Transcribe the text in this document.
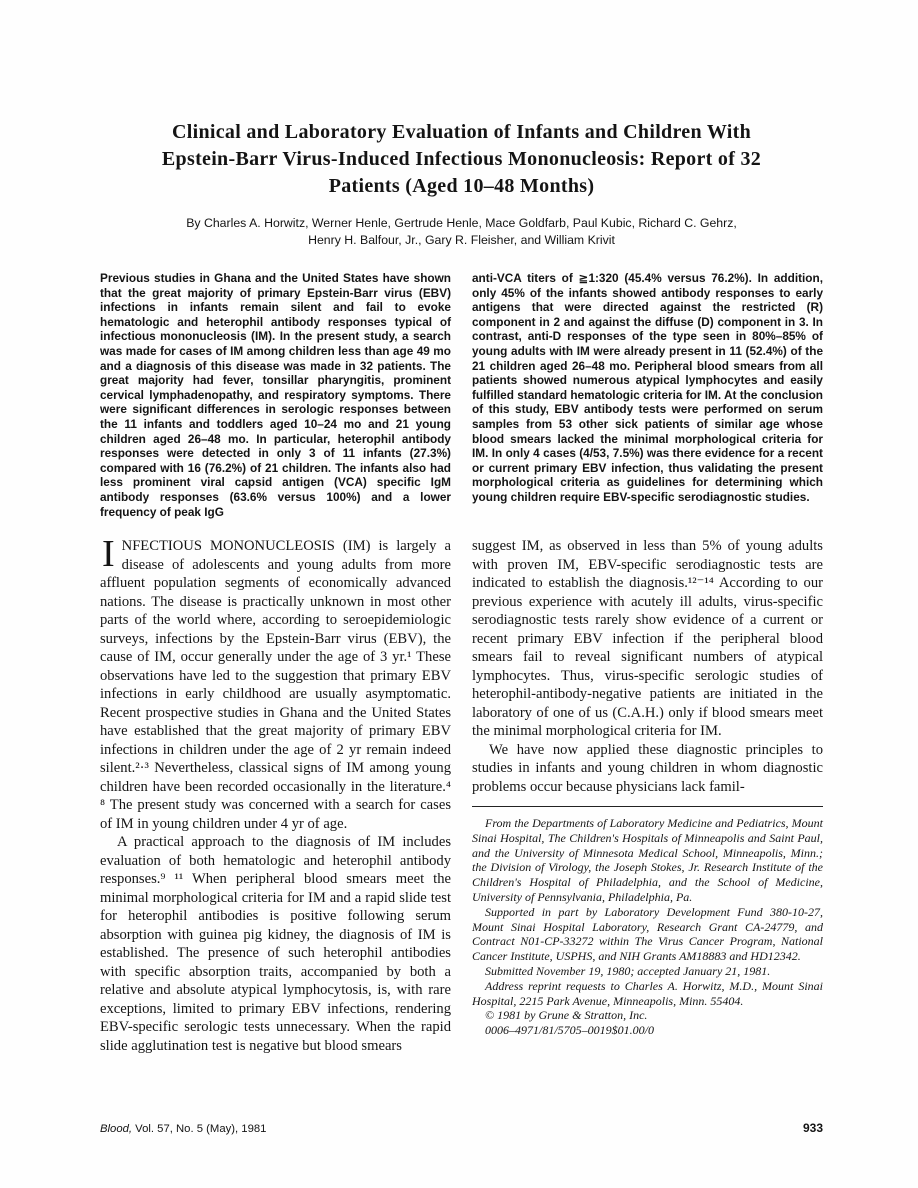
Clinical and Laboratory Evaluation of Infants and Children With
Epstein-Barr Virus-Induced Infectious Mononucleosis: Report of 32
Patients (Aged 10–48 Months)
By Charles A. Horwitz, Werner Henle, Gertrude Henle, Mace Goldfarb, Paul Kubic, Richard C. Gehrz,
Henry H. Balfour, Jr., Gary R. Fleisher, and William Krivit
Previous studies in Ghana and the United States have shown that the great majority of primary Epstein-Barr virus (EBV) infections in infants remain silent and fail to evoke hematologic and heterophil antibody responses typical of infectious mononucleosis (IM). In the present study, a search was made for cases of IM among children less than age 49 mo and a diagnosis of this disease was made in 32 patients. The great majority had fever, tonsillar pharyngitis, prominent cervical lymphadenopathy, and respiratory symptoms. There were significant differences in serologic responses between the 11 infants and toddlers aged 10–24 mo and 21 young children aged 26–48 mo. In particular, heterophil antibody responses were detected in only 3 of 11 infants (27.3%) compared with 16 (76.2%) of 21 children. The infants also had less prominent viral capsid antigen (VCA) specific IgM antibody responses (63.6% versus 100%) and a lower frequency of peak IgG
anti-VCA titers of ≧1:320 (45.4% versus 76.2%). In addition, only 45% of the infants showed antibody responses to early antigens that were directed against the restricted (R) component in 2 and against the diffuse (D) component in 3. In contrast, anti-D responses of the type seen in 80%–85% of young adults with IM were already present in 11 (52.4%) of the 21 children aged 26–48 mo. Peripheral blood smears from all patients showed numerous atypical lymphocytes and easily fulfilled standard hematologic criteria for IM. At the conclusion of this study, EBV antibody tests were performed on serum samples from 53 other sick patients of similar age whose blood smears lacked the minimal morphological criteria for IM. In only 4 cases (4/53, 7.5%) was there evidence for a recent or current primary EBV infection, thus validating the present morphological criteria as guidelines for determining which young children require EBV-specific serodiagnostic studies.

INFECTIOUS MONONUCLEOSIS (IM) is largely a disease of adolescents and young adults from more affluent population segments of economically advanced nations. The disease is practically unknown in most other parts of the world where, according to seroepidemiologic surveys, infections by the Epstein-Barr virus (EBV), the cause of IM, occur generally under the age of 3 yr.¹ These observations have led to the suggestion that primary EBV infections in early childhood are usually asymptomatic. Recent prospective studies in Ghana and the United States have established that the great majority of primary EBV infections in children under the age of 2 yr remain indeed silent.²·³ Nevertheless, classical signs of IM among young children have been recorded occasionally in the literature.⁴ ⁸ The present study was concerned with a search for cases of IM in young children under 4 yr of age.

A practical approach to the diagnosis of IM includes evaluation of both hematologic and heterophil antibody responses.⁹ ¹¹ When peripheral blood smears meet the minimal morphological criteria for IM and a rapid slide test for heterophil antibodies is positive following serum absorption with guinea pig kidney, the diagnosis of IM is established. The presence of such heterophil antibodies with specific absorption traits, accompanied by both a relative and absolute atypical lymphocytosis, is, with rare exceptions, limited to primary EBV infections, rendering EBV-specific serologic tests unnecessary. When the rapid slide agglutination test is negative but blood smears

suggest IM, as observed in less than 5% of young adults with proven IM, EBV-specific serodiagnostic tests are indicated to establish the diagnosis.¹²⁻¹⁴ According to our previous experience with acutely ill adults, virus-specific serodiagnostic tests rarely show evidence of a current or recent primary EBV infection if the peripheral blood smears fail to reveal significant numbers of atypical lymphocytes. Thus, virus-specific serologic studies of heterophil-antibody-negative patients are initiated in the laboratory of one of us (C.A.H.) only if blood smears meet the minimal morphological criteria for IM.

We have now applied these diagnostic principles to studies in infants and young children in whom diagnostic problems occur because physicians lack famil-

From the Departments of Laboratory Medicine and Pediatrics, Mount Sinai Hospital, The Children's Hospitals of Minneapolis and Saint Paul, and the University of Minnesota Medical School, Minneapolis, Minn.; the Division of Virology, the Joseph Stokes, Jr. Research Institute of the Children's Hospital of Philadelphia, and the School of Medicine, University of Pennsylvania, Philadelphia, Pa.

Supported in part by Laboratory Development Fund 380-10-27, Mount Sinai Hospital Laboratory, Research Grant CA-24779, and Contract N01-CP-33272 within The Virus Cancer Program, National Cancer Institute, USPHS, and NIH Grants AM18883 and HD12342.

Submitted November 19, 1980; accepted January 21, 1981.

Address reprint requests to Charles A. Horwitz, M.D., Mount Sinai Hospital, 2215 Park Avenue, Minneapolis, Minn. 55404.

© 1981 by Grune & Stratton, Inc.

0006–4971/81/5705–0019$01.00/0

Blood, Vol. 57, No. 5 (May), 1981	933
